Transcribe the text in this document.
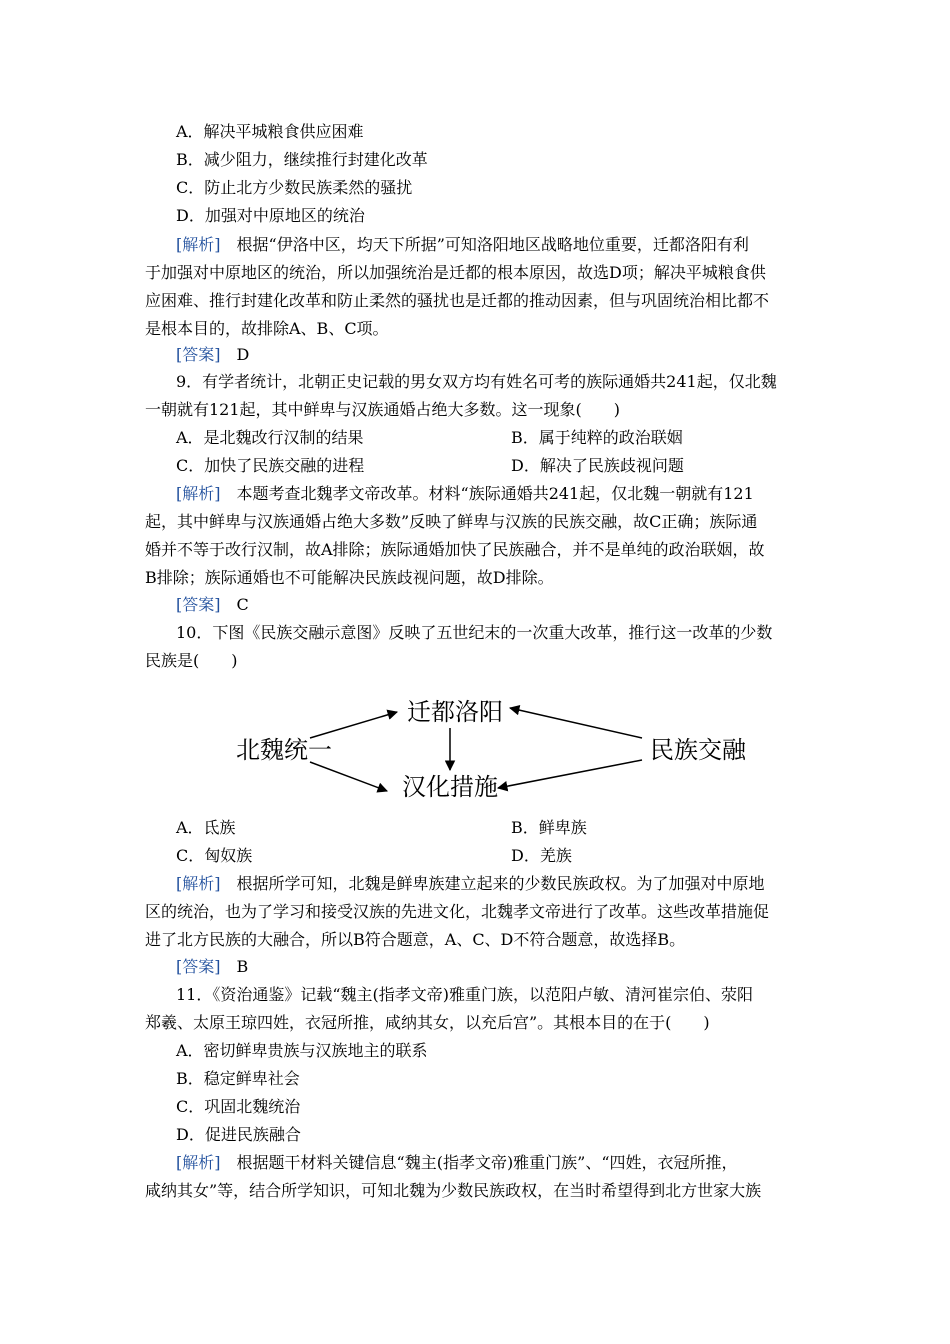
A．解决平城粮食供应困难
B．减少阻力，继续推行封建化改革
C．防止北方少数民族柔然的骚扰
D．加强对中原地区的统治
[解析]　 根据“伊洛中区，均天下所据”可知洛阳地区战略地位重要，迁都洛阳有利
于加强对中原地区的统治，所以加强统治是迁都的根本原因，故选D项；解决平城粮食供
应困难、推行封建化改革和防止柔然的骚扰也是迁都的推动因素，但与巩固统治相比都不
是根本目的，故排除A、B、C项。
[答案]　 D
9．有学者统计，北朝正史记载的男女双方均有姓名可考的族际通婚共241起，仅北魏
一朝就有121起，其中鲜卑与汉族通婚占绝大多数。这一现象(　　)
A．是北魏改行汉制的结果	B．属于纯粹的政治联姻
C．加快了民族交融的进程	D．解决了民族歧视问题
[解析]　 本题考查北魏孝文帝改革。材料“族际通婚共241起，仅北魏一朝就有121
起，其中鲜卑与汉族通婚占绝大多数”反映了鲜卑与汉族的民族交融，故C正确；族际通
婚并不等于改行汉制，故A排除；族际通婚加快了民族融合，并不是单纯的政治联姻，故
B排除；族际通婚也不可能解决民族歧视问题，故D排除。
[答案]　 C
10．下图《民族交融示意图》反映了五世纪末的一次重大改革，推行这一改革的少数
民族是(　　)
迁都洛阳
北魏统一	民族交融
汉化措施
A．氐族	B．鲜卑族
C．匈奴族	D．羌族
[解析]　 根据所学可知，北魏是鲜卑族建立起来的少数民族政权。为了加强对中原地
区的统治，也为了学习和接受汉族的先进文化，北魏孝文帝进行了改革。这些改革措施促
进了北方民族的大融合，所以B符合题意，A、C、D不符合题意，故选择B。
[答案]　 B
11．《资治通鉴》记载“魏主(指孝文帝)雅重门族，以范阳卢敏、清河崔宗伯、荥阳
郑羲、太原王琼四姓，衣冠所推，咸纳其女，以充后宫”。其根本目的在于(　　)
A．密切鲜卑贵族与汉族地主的联系
B．稳定鲜卑社会
C．巩固北魏统治
D．促进民族融合
[解析]　 根据题干材料关键信息“魏主(指孝文帝)雅重门族”、“四姓，衣冠所推，
咸纳其女”等，结合所学知识，可知北魏为少数民族政权，在当时希望得到北方世家大族
